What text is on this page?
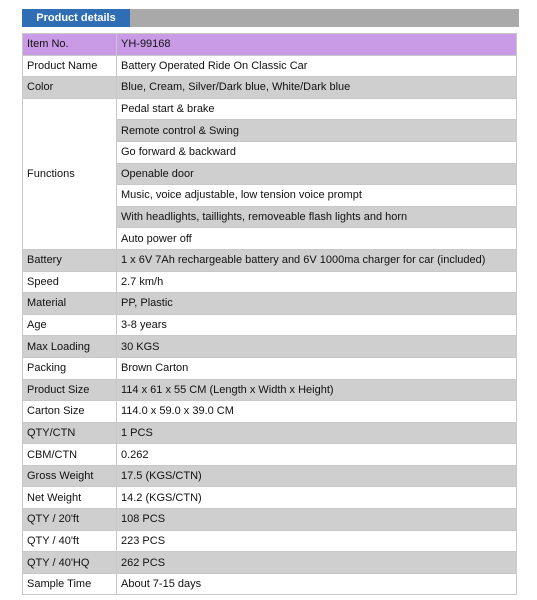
Product details
Item No.	YH-99168
Product Name	Battery Operated Ride On Classic Car
Color	Blue, Cream, Silver/Dark blue, White/Dark blue
Functions	Pedal start & brake
	Remote control & Swing
	Go forward & backward
	Openable door
	Music, voice adjustable, low tension voice prompt
	With headlights, taillights, removeable flash lights and horn
	Auto power off
Battery	1 x 6V 7Ah rechargeable battery and 6V 1000ma charger for car (included)
Speed	2.7 km/h
Material	PP, Plastic
Age	3-8 years
Max Loading	30 KGS
Packing	Brown Carton
Product Size	114 x 61 x 55 CM (Length x Width x Height)
Carton Size	114.0 x 59.0 x 39.0 CM
QTY/CTN	1 PCS
CBM/CTN	0.262
Gross Weight	17.5 (KGS/CTN)
Net Weight	14.2 (KGS/CTN)
QTY / 20'ft	108 PCS
QTY / 40'ft	223 PCS
QTY / 40'HQ	262 PCS
Sample Time	About 7-15 days
